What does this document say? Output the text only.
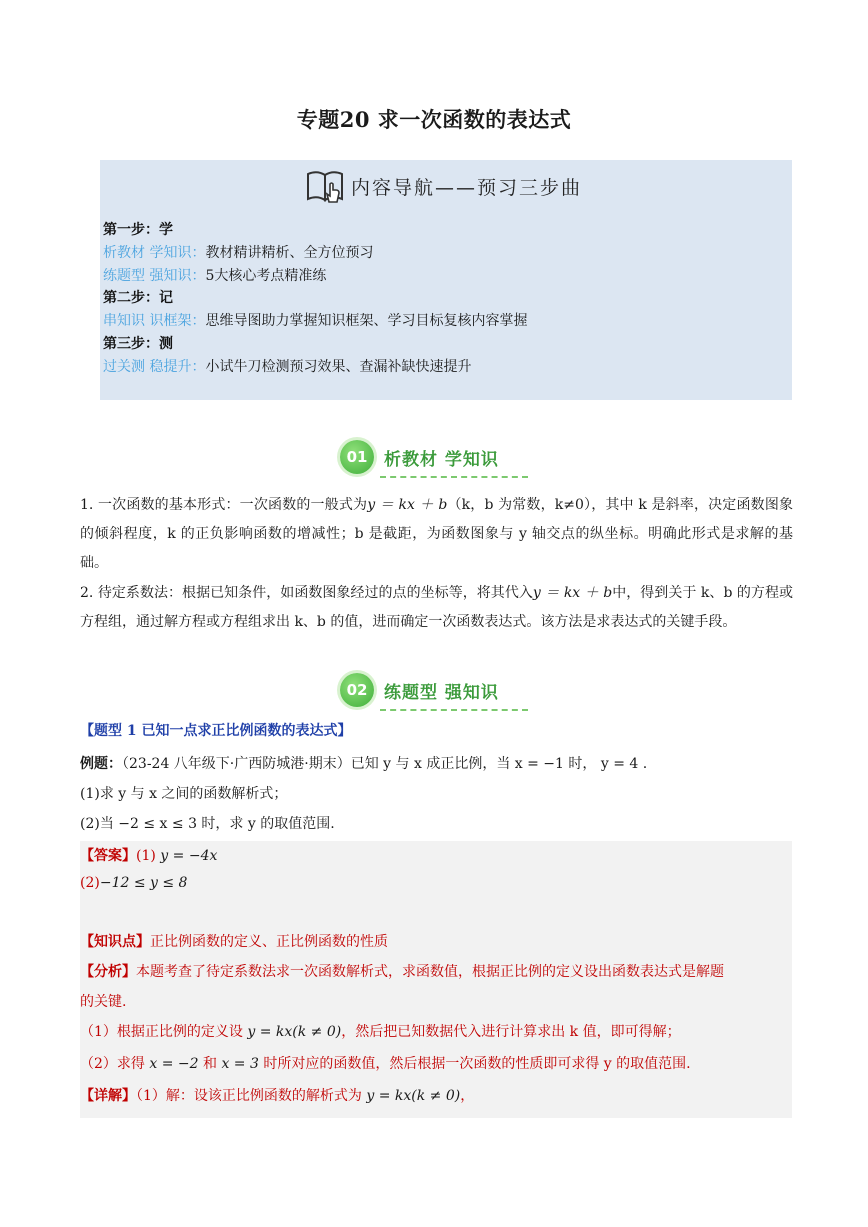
专题20 求一次函数的表达式
内容导航——预习三步曲
第一步：学
析教材 学知识：教材精讲精析、全方位预习
练题型 强知识：5大核心考点精准练
第二步：记
串知识 识框架：思维导图助力掌握知识框架、学习目标复核内容掌握
第三步：测
过关测 稳提升：小试牛刀检测预习效果、查漏补缺快速提升
01 析教材 学知识
1. 一次函数的基本形式：一次函数的一般式为y ＝ kx ＋ b（k，b 为常数，k≠0），其中 k 是斜率，决定函数图象的倾斜程度，k 的正负影响函数的增减性；b 是截距，为函数图象与 y 轴交点的纵坐标。明确此形式是求解的基础。
2. 待定系数法：根据已知条件，如函数图象经过的点的坐标等，将其代入y ＝ kx ＋ b中，得到关于 k、b 的方程或方程组，通过解方程或方程组求出 k、b 的值，进而确定一次函数表达式。该方法是求表达式的关键手段。
02 练题型 强知识
【题型 1 已知一点求正比例函数的表达式】
例题：（23-24 八年级下·广西防城港·期末）已知 y 与 x 成正比例，当 x = −1 时， y = 4 .
(1)求 y 与 x 之间的函数解析式；
(2)当 −2 ≤ x ≤ 3 时，求 y 的取值范围.
【答案】(1) y = −4x
(2)−12 ≤ y ≤ 8
【知识点】正比例函数的定义、正比例函数的性质
【分析】本题考查了待定系数法求一次函数解析式，求函数值，根据正比例的定义设出函数表达式是解题
的关键.
（1）根据正比例的定义设 y = kx(k ≠ 0)，然后把已知数据代入进行计算求出 k 值，即可得解；
（2）求得 x = −2 和 x = 3 时所对应的函数值，然后根据一次函数的性质即可求得 y 的取值范围.
【详解】（1）解：设该正比例函数的解析式为 y = kx(k ≠ 0)，
